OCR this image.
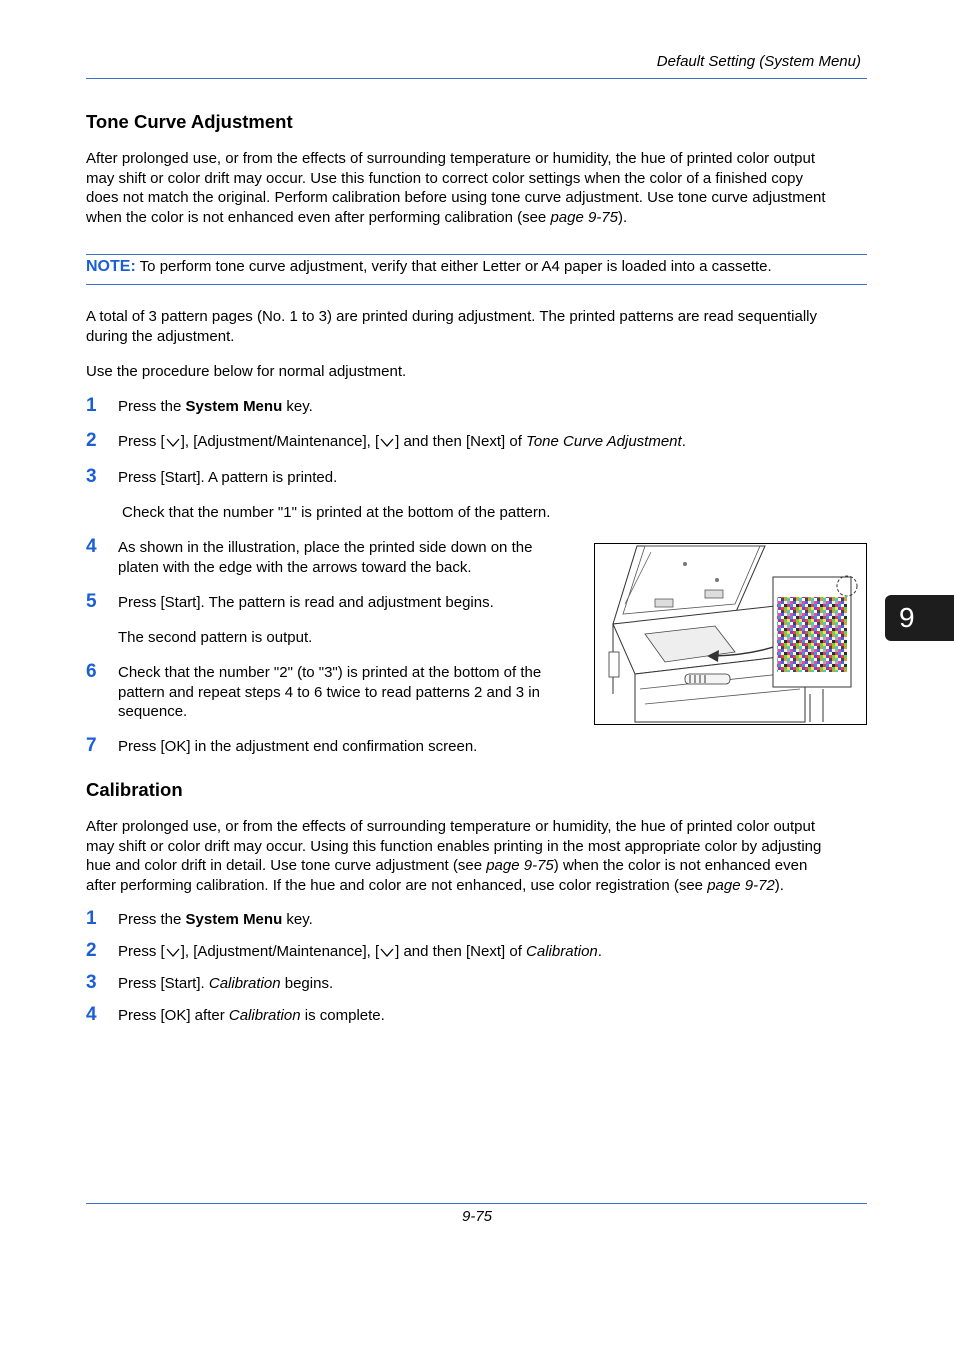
Default Setting (System Menu)
9
Tone Curve Adjustment
After prolonged use, or from the effects of surrounding temperature or humidity, the hue of printed color output
may shift or color drift may occur. Use this function to correct color settings when the color of a finished copy
does not match the original. Perform calibration before using tone curve adjustment. Use tone curve adjustment
when the color is not enhanced even after performing calibration (see page 9-75).
NOTE: To perform tone curve adjustment, verify that either Letter or A4 paper is loaded into a cassette.
A total of 3 pattern pages (No. 1 to 3) are printed during adjustment. The printed patterns are read sequentially
during the adjustment.
Use the procedure below for normal adjustment.
1 Press the System Menu key.
2 Press [ ], [Adjustment/Maintenance], [ ] and then [Next] of Tone Curve Adjustment.
3 Press [Start]. A pattern is printed.
Check that the number "1" is printed at the bottom of the pattern.
4 As shown in the illustration, place the printed side down on the
platen with the edge with the arrows toward the back.
5 Press [Start]. The pattern is read and adjustment begins.
The second pattern is output.
6 Check that the number "2" (to "3") is printed at the bottom of the
pattern and repeat steps 4 to 6 twice to read patterns 2 and 3 in
sequence.
7 Press [OK] in the adjustment end confirmation screen.
Calibration
After prolonged use, or from the effects of surrounding temperature or humidity, the hue of printed color output
may shift or color drift may occur. Using this function enables printing in the most appropriate color by adjusting
hue and color drift in detail. Use tone curve adjustment (see page 9-75) when the color is not enhanced even
after performing calibration. If the hue and color are not enhanced, use color registration (see page 9-72).
1 Press the System Menu key.
2 Press [ ], [Adjustment/Maintenance], [ ] and then [Next] of Calibration.
3 Press [Start]. Calibration begins.
4 Press [OK] after Calibration is complete.
9-75
